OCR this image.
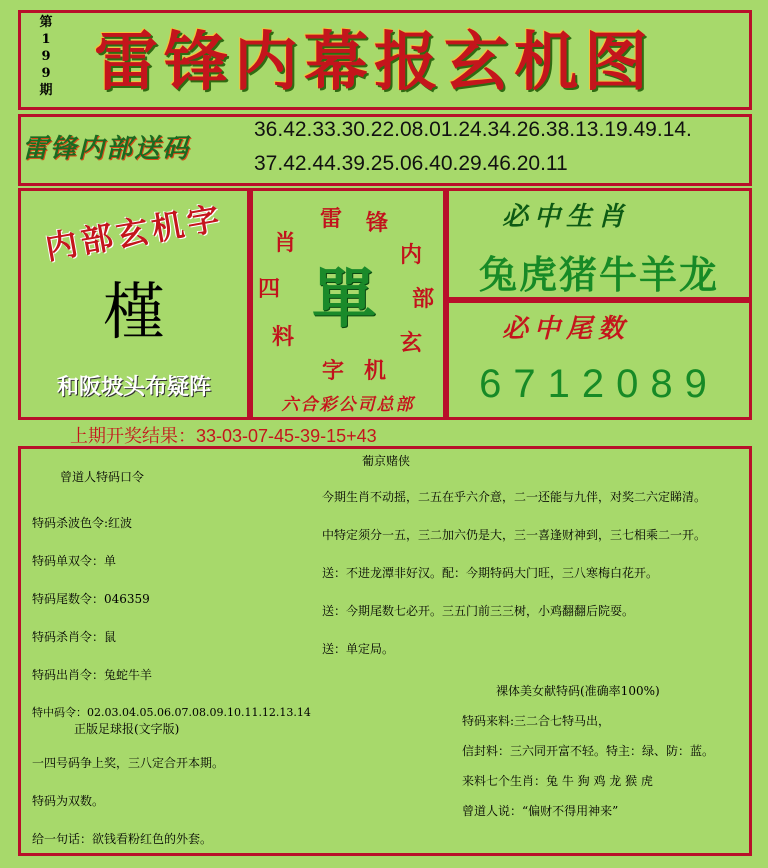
第
1
9
9
期 雷锋内幕报玄机图
雷锋内部送码
36.42.33.30.22.08.01.24.34.26.38.13.19.49.14.
37.42.44.39.25.06.40.29.46.20.11
内部玄机字
槿
和阪坡头布疑阵
雷 锋
内
部
玄
机
字
料
四
肖
單
六合彩公司总部
必中生肖
兔虎猪牛羊龙
必中尾数
6712089
上期开奖结果：33-03-07-45-39-15+43
曾道人特码口令
特码杀波色令:红波
特码单双令：单
特码尾数令：046359
特码杀肖令：鼠
特码出肖令：兔蛇牛羊
特中码令：02.03.04.05.06.07.08.09.10.11.12.13.14
正版足球报(文字版)
一四号码争上奖，三八定合开本期。
特码为双数。
给一句话：欲钱看粉红色的外套。
葡京赌侠
今期生肖不动摇，二五在乎六介意，二一还能与九伴，对奖二六定睇清。
中特定须分一五，三二加六仍是大，三一喜逢财神到，三七相乘二一开。
送：不进龙潭非好汉。配：今期特码大门旺，三八寒梅白花开。
送：今期尾数七必开。三五门前三三树，小鸡翻翻后院耍。
送：单定局。
裸体美女献特码(准确率100%)
特码来料:三二合七特马出，
信封料：三六同开富不轻。特主：绿、防：蓝。
来料七个生肖：兔 牛 狗 鸡 龙 猴 虎
曾道人说：“偏财不得用神来”
